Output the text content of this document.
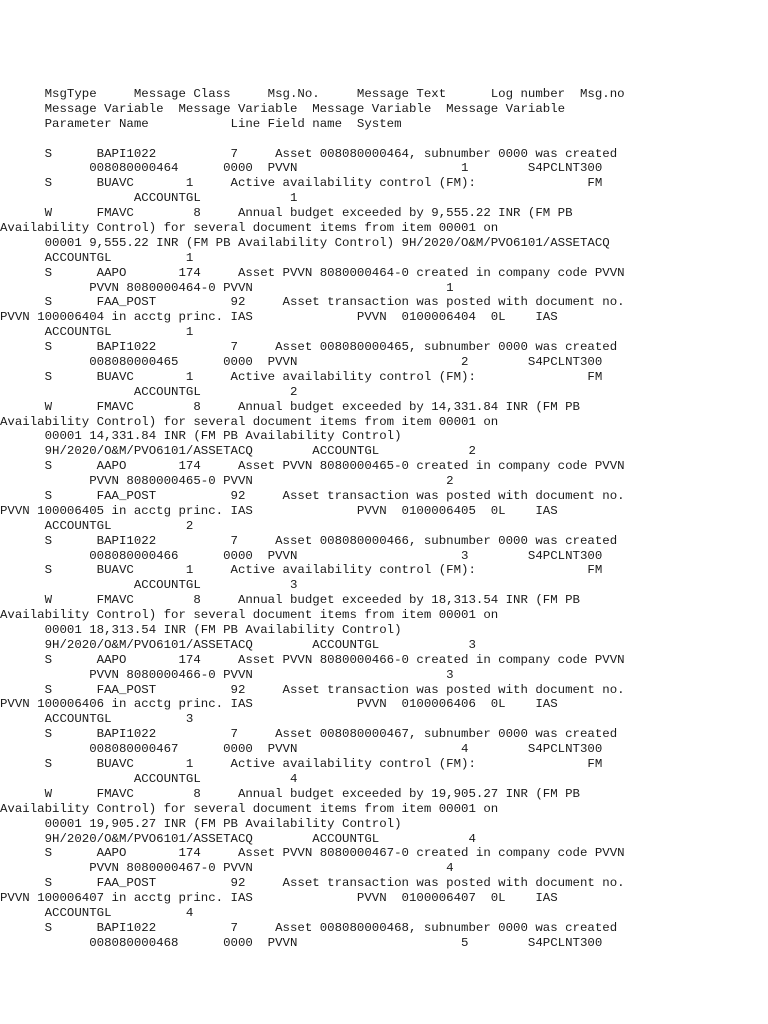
MsgType     Message Class     Msg.No.     Message Text      Log number  Msg.no
Message Variable  Message Variable  Message Variable  Message Variable
Parameter Name           Line Field name  System
S      BAPI1022          7     Asset 008080000464, subnumber 0000 was created
008080000464      0000  PVVN                      1        S4PCLNT300
S      BUAVC       1     Active availability control (FM):               FM
ACCOUNTGL            1
W      FMAVC        8     Annual budget exceeded by 9,555.22 INR (FM PB
Availability Control) for several document items from item 00001 on
00001 9,555.22 INR (FM PB Availability Control) 9H/2020/O&M/PVO6101/ASSETACQ
ACCOUNTGL          1
S      AAPO       174     Asset PVVN 8080000464-0 created in company code PVVN
PVVN 8080000464-0 PVVN                          1
S      FAA_POST          92     Asset transaction was posted with document no.
PVVN 100006404 in acctg princ. IAS              PVVN  0100006404  0L    IAS
ACCOUNTGL          1
S      BAPI1022          7     Asset 008080000465, subnumber 0000 was created
008080000465      0000  PVVN                      2        S4PCLNT300
S      BUAVC       1     Active availability control (FM):               FM
ACCOUNTGL            2
W      FMAVC        8     Annual budget exceeded by 14,331.84 INR (FM PB
Availability Control) for several document items from item 00001 on
00001 14,331.84 INR (FM PB Availability Control)
9H/2020/O&M/PVO6101/ASSETACQ        ACCOUNTGL            2
S      AAPO       174     Asset PVVN 8080000465-0 created in company code PVVN
PVVN 8080000465-0 PVVN                          2
S      FAA_POST          92     Asset transaction was posted with document no.
PVVN 100006405 in acctg princ. IAS              PVVN  0100006405  0L    IAS
ACCOUNTGL          2
S      BAPI1022          7     Asset 008080000466, subnumber 0000 was created
008080000466      0000  PVVN                      3        S4PCLNT300
S      BUAVC       1     Active availability control (FM):               FM
ACCOUNTGL            3
W      FMAVC        8     Annual budget exceeded by 18,313.54 INR (FM PB
Availability Control) for several document items from item 00001 on
00001 18,313.54 INR (FM PB Availability Control)
9H/2020/O&M/PVO6101/ASSETACQ        ACCOUNTGL            3
S      AAPO       174     Asset PVVN 8080000466-0 created in company code PVVN
PVVN 8080000466-0 PVVN                          3
S      FAA_POST          92     Asset transaction was posted with document no.
PVVN 100006406 in acctg princ. IAS              PVVN  0100006406  0L    IAS
ACCOUNTGL          3
S      BAPI1022          7     Asset 008080000467, subnumber 0000 was created
008080000467      0000  PVVN                      4        S4PCLNT300
S      BUAVC       1     Active availability control (FM):               FM
ACCOUNTGL            4
W      FMAVC        8     Annual budget exceeded by 19,905.27 INR (FM PB
Availability Control) for several document items from item 00001 on
00001 19,905.27 INR (FM PB Availability Control)
9H/2020/O&M/PVO6101/ASSETACQ        ACCOUNTGL            4
S      AAPO       174     Asset PVVN 8080000467-0 created in company code PVVN
PVVN 8080000467-0 PVVN                          4
S      FAA_POST          92     Asset transaction was posted with document no.
PVVN 100006407 in acctg princ. IAS              PVVN  0100006407  0L    IAS
ACCOUNTGL          4
S      BAPI1022          7     Asset 008080000468, subnumber 0000 was created
008080000468      0000  PVVN                      5        S4PCLNT300
